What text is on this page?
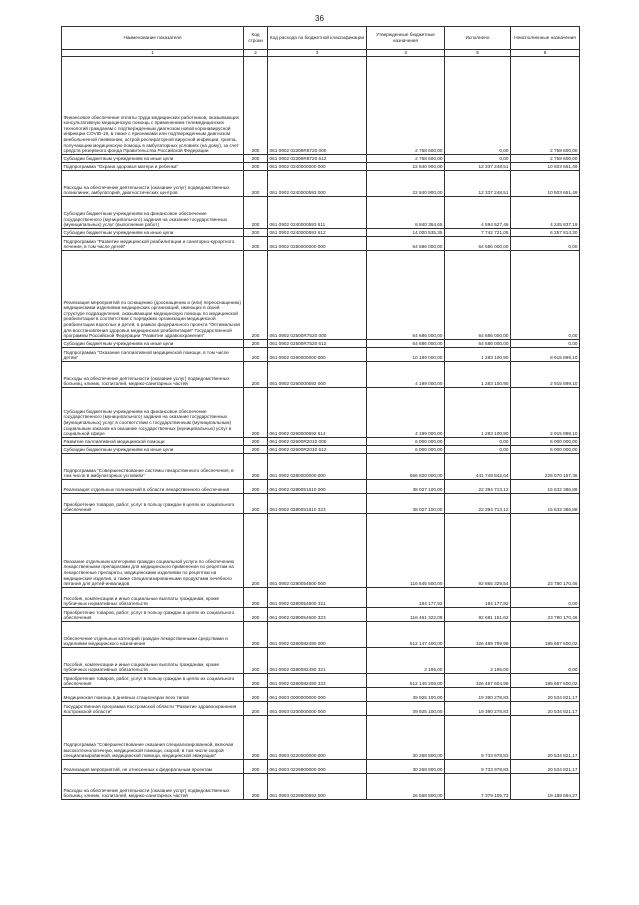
36
Наименование показателя	Код строки	Код расхода по бюджетной классификации	Утвержденные бюджетные назначения	Исполнено	Неисполненные назначения
1	2	3	4	5	6
Финансовое обеспечение оплаты труда медицинских работников, оказывающих консультативную медицинскую помощь с применением телемедицинских технологий гражданам с подтвержденным диагнозом новой коронавирусной инфекции COVID-19, в также с признаками или подтвержденным диагнозом внебольничной пневмонии, острой респираторной вирусной инфекции, гриппа, получающим медицинскую помощь в амбулаторных условиях (на дому), за счет средств резервного фонда Правительства Российской Федерации	200	061 0902 02209R8720 000	2 758 600,00	0,00	2 758 600,00
Субсидии бюджетным учреждениям на иные цели	200	061 0902 02209R8720 612	2 758 600,00	0,00	2 758 600,00
Подпрограмма "Охрана здоровья матери и ребенка"	200	061 0902 0240000000 000	22 840 900,00	12 337 248,51	10 503 651,49
Расходы на обеспечение деятельности (оказание услуг) подведомственных поликлиник, амбулаторий, диагностических центров	200	061 0902 0240000593 000	22 840 900,00	12 337 248,51	10 503 651,49
Субсидии бюджетным учреждениям на финансовое обеспечение государственного (муниципального) задания на оказание государственных (муниципальных) услуг (выполнение работ)	200	061 0902 0240000593 611	8 840 364,65	4 594 527,46	4 245 837,19
Субсидии бюджетным учреждениям на иные цели	200	061 0902 0240000593 612	14 000 535,35	7 742 721,05	6 257 814,30
Подпрограмма "Развитие медицинской реабилитации и санаторно-курортного лечения, в том числе детей"	200	061 0902 0250000000 000	64 686 000,00	64 686 000,00	0,00
Реализация мероприятий по оснащению (дооснащению и (или) переоснащению) медицинскими изделиями медицинских организаций, имеющих в своей структуре подразделения, оказывающие медицинскую помощь по медицинской реабилитации в соответствии с порядками организации медицинской реабилитации взрослых и детей, в рамках федерального проекта "Оптимальная для восстановления здоровья медицинская реабилитация" Государственной программы Российской Федерации "Развитие здравоохранения"	200	061 0902 02500R7520 000	64 686 000,00	64 686 000,00	0,00
Субсидии бюджетным учреждениям на иные цели	200	061 0902 02500R7520 612	64 686 000,00	64 686 000,00	0,00
Подпрограмма "Оказание паллиативной медицинской помощи, в том числе детям"	200	061 0902 0260000000 000	10 199 000,00	1 283 100,90	8 915 899,10
Расходы на обеспечение деятельности (оказание услуг) подведомственных больниц, клиник, госпиталей, медико-санитарных частей	200	061 0902 0260000592 000	4 199 000,00	1 283 100,90	2 915 899,10
Субсидии бюджетным учреждениям на финансовое обеспечение государственного (муниципального) задания на оказание государственных (муниципальных) услуг в соответствии с государственным (муниципальным) социальным заказом на оказание государственных (муниципальных) услуг в социальной сфере	200	061 0902 0260000592 614	4 199 000,00	1 283 100,90	2 915 899,10
Развитие паллиативной медицинской помощи	200	061 0902 02600R2010 000	6 000 000,00	0,00	6 000 000,00
Субсидии бюджетным учреждениям на иные цели	200	061 0902 02600R2010 612	6 000 000,00	0,00	6 000 000,00
Подпрограмма "Совершенствование системы лекарственного обеспечения, в том числе в амбулаторных условиях"	200	061 0902 0280000000 000	666 820 000,00	441 749 842,64	225 070 157,36
Реализация отдельных полномочий в области лекарственного обеспечения	200	061 0902 0280051610 000	38 027 100,00	22 394 713,12	15 632 386,88
Приобретение товаров, работ, услуг в пользу граждан в целях их социального обеспечения	200	061 0902 0280051610 323	38 027 100,00	22 394 713,12	15 632 386,88
Оказание отдельным категориям граждан социальной услуги по обеспечению лекарственными препаратами для медицинского применения по рецептам на лекарственные препараты, медицинскими изделиями по рецептам на медицинские изделия, а также специализированными продуктами лечебного питания для детей-инвалидов	200	061 0902 0280054600 000	116 645 500,00	92 865 329,54	23 780 170,46
Пособия, компенсации и иные социальные выплаты гражданам, кроме публичных нормативных обязательств	200	061 0902 0280054600 321	184 177,92	184 177,92	0,00
Приобретение товаров, работ, услуг в пользу граждан в целях их социального обеспечения	200	061 0902 0280054600 323	116 461 322,08	92 681 151,62	23 780 170,46
Обеспечение отдельных категорий граждан лекарственными средствами и изделиями медицинского назначения	200	061 0902 0280082490 000	512 147 400,00	326 489 799,98	185 657 600,02
Пособия, компенсации и иные социальные выплаты гражданам, кроме публичных нормативных обязательств	200	061 0902 0280082490 321	2 195,00	2 195,00	0,00
Приобретение товаров, работ, услуг в пользу граждан в целях их социального обеспечения	200	061 0902 0280082490 323	512 145 205,00	326 487 604,98	185 657 600,02
Медицинская помощь в дневных стационарах всех типов	200	061 0903 0000000000 000	39 925 100,00	19 390 278,83	20 534 821,17
Государственная программа Костромской области "Развитие здравоохранения Костромской области"	200	061 0903 0200000000 000	39 925 100,00	19 390 278,83	20 534 821,17
Подпрограмма "Совершенствование оказания специализированной, включая высокотехнологичную, медицинской помощи, скорой, в том числе скорой специализированной, медицинской помощи, медицинской эвакуации"	200	061 0903 0220000000 000	30 268 800,00	9 733 978,83	20 534 821,17
Реализация мероприятий, не отнесенных к федеральным проектам	200	061 0903 0229900000 000	30 268 800,00	9 733 978,83	20 534 821,17
Расходы на обеспечение деятельности (оказание услуг) подведомственных больниц, клиник, госпиталей, медико-санитарных частей	200	061 0903 0229900592 000	26 568 800,00	7 379 105,73	19 189 694,27
